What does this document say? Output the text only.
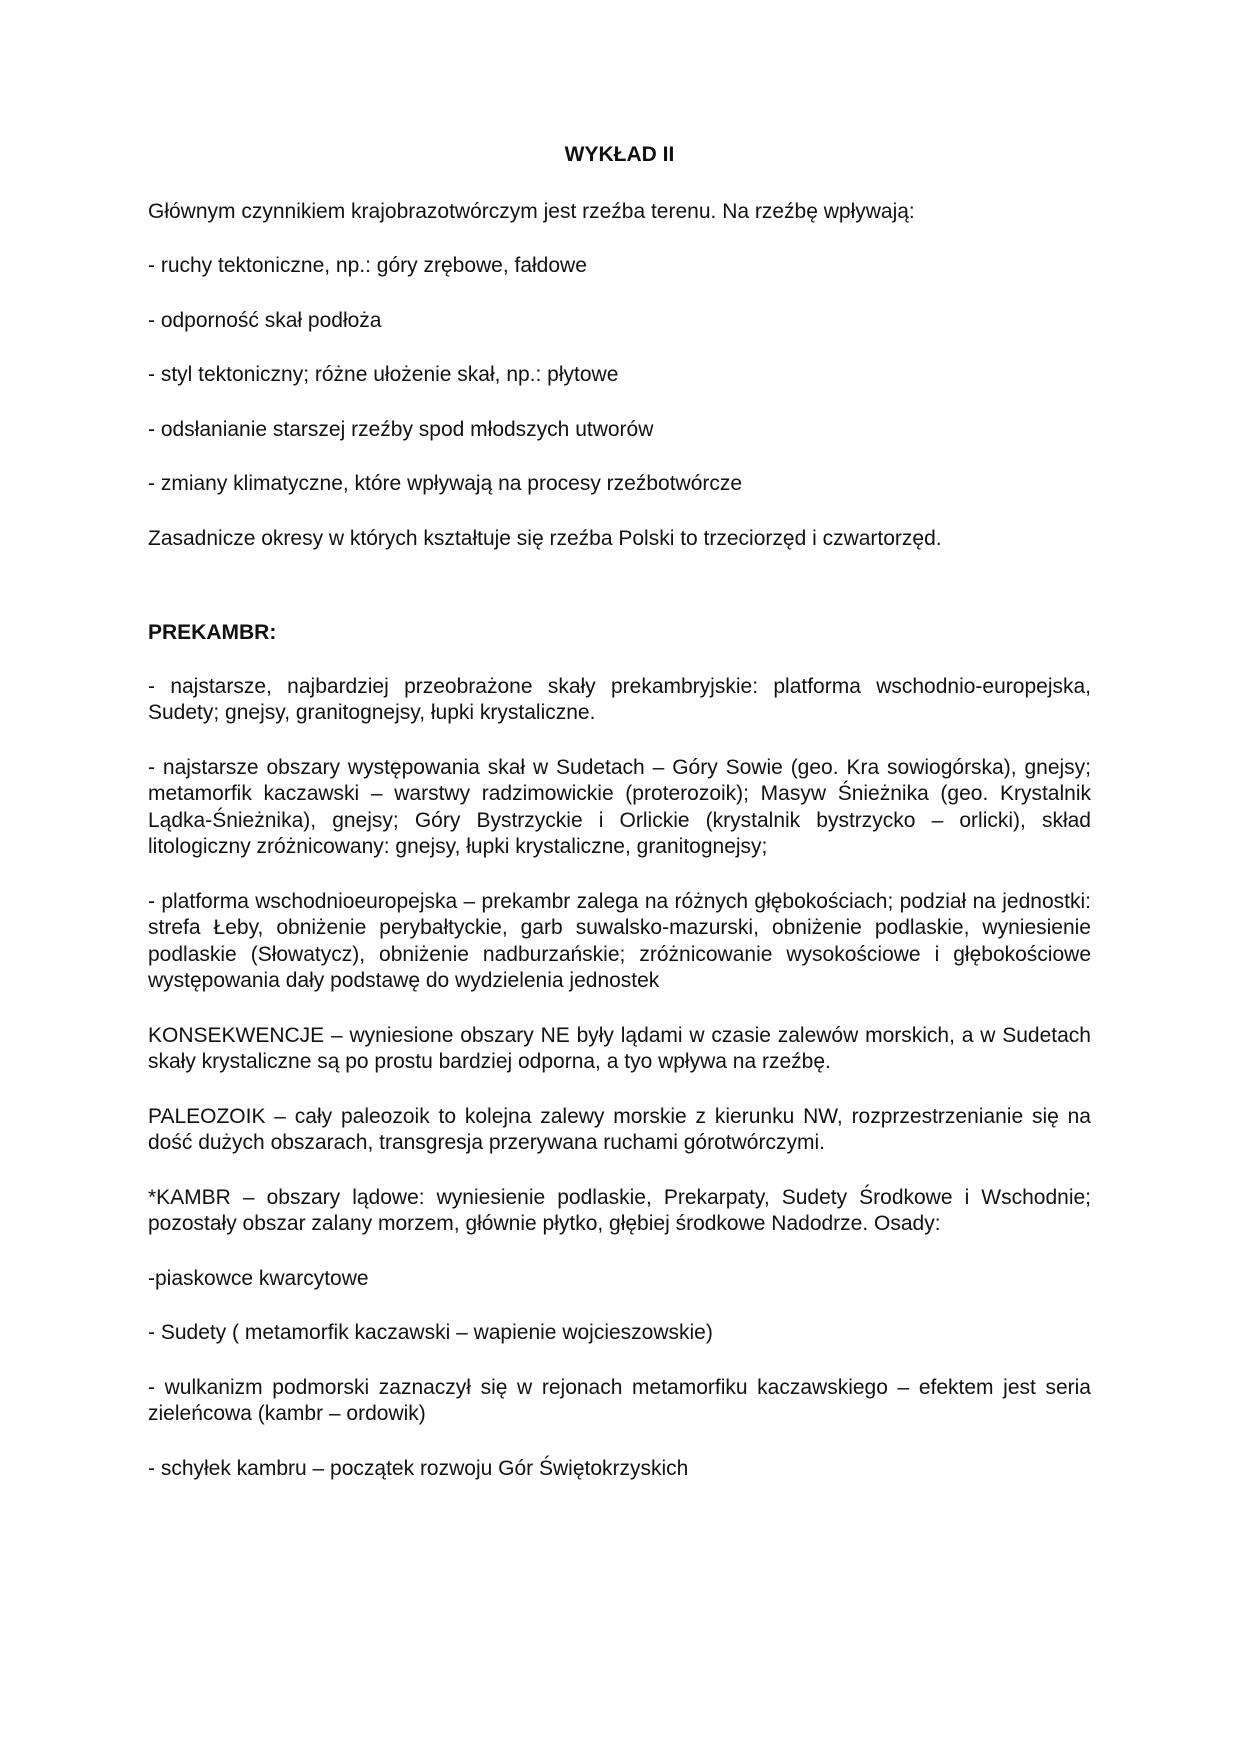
WYKŁAD II
Głównym czynnikiem krajobrazotwórczym jest rzeźba terenu. Na rzeźbę wpływają:
- ruchy tektoniczne, np.: góry zrębowe, fałdowe
- odporność skał podłoża
- styl tektoniczny; różne ułożenie skał, np.: płytowe
- odsłanianie starszej rzeźby spod młodszych utworów
- zmiany klimatyczne, które wpływają na procesy rzeźbotwórcze
Zasadnicze okresy w których kształtuje się rzeźba Polski to trzeciorzęd i czwartorzęd.
PREKAMBR:
- najstarsze, najbardziej przeobrażone skały prekambryjskie: platforma wschodnio-europejska, Sudety; gnejsy, granitognejsy, łupki krystaliczne.
- najstarsze obszary występowania skał w Sudetach – Góry Sowie (geo. Kra sowiogórska), gnejsy; metamorfik kaczawski – warstwy radzimowickie (proterozoik); Masyw Śnieżnika (geo. Krystalnik Lądka-Śnieżnika), gnejsy; Góry Bystrzyckie i Orlickie (krystalnik bystrzycko – orlicki), skład litologiczny zróżnicowany: gnejsy, łupki krystaliczne, granitognejsy;
- platforma wschodnioeuropejska – prekambr zalega na różnych głębokościach; podział na jednostki: strefa Łeby, obniżenie perybałtyckie, garb suwalsko-mazurski, obniżenie podlaskie, wyniesienie podlaskie (Słowatycz), obniżenie nadburzańskie; zróżnicowanie wysokościowe i głębokościowe występowania dały podstawę do wydzielenia jednostek
KONSEKWENCJE – wyniesione obszary NE były lądami w czasie zalewów morskich, a w Sudetach skały krystaliczne są po prostu bardziej odporna, a tyo wpływa na rzeźbę.
PALEOZOIK – cały paleozoik to kolejna zalewy morskie z kierunku NW, rozprzestrzenianie się na dość dużych obszarach, transgresja przerywana ruchami górotwórczymi.
*KAMBR – obszary lądowe: wyniesienie podlaskie, Prekarpaty, Sudety Środkowe i Wschodnie; pozostały obszar zalany morzem, głównie płytko, głębiej środkowe Nadodrze. Osady:
-piaskowce kwarcytowe
- Sudety ( metamorfik kaczawski – wapienie wojcieszowskie)
- wulkanizm podmorski zaznaczył się w rejonach metamorfiku kaczawskiego – efektem jest seria zieleńcowa (kambr – ordowik)
- schyłek kambru – początek rozwoju Gór Świętokrzyskich
